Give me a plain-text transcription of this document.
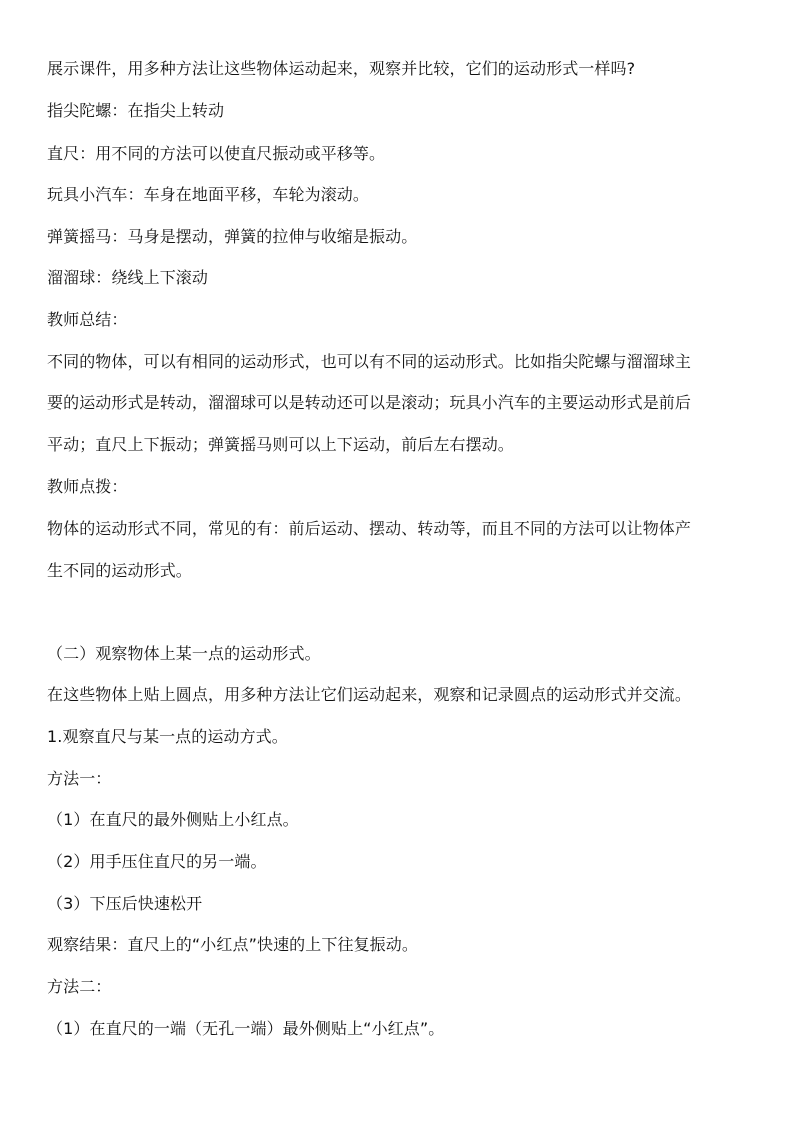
展示课件，用多种方法让这些物体运动起来，观察并比较，它们的运动形式一样吗?
指尖陀螺：在指尖上转动
直尺：用不同的方法可以使直尺振动或平移等。
玩具小汽车：车身在地面平移，车轮为滚动。
弹簧摇马：马身是摆动，弹簧的拉伸与收缩是振动。
溜溜球：绕线上下滚动
教师总结：
不同的物体，可以有相同的运动形式，也可以有不同的运动形式。比如指尖陀螺与溜溜球主
要的运动形式是转动，溜溜球可以是转动还可以是滚动；玩具小汽车的主要运动形式是前后
平动；直尺上下振动；弹簧摇马则可以上下运动，前后左右摆动。
教师点拨：
物体的运动形式不同，常见的有：前后运动、摆动、转动等，而且不同的方法可以让物体产
生不同的运动形式。
（二）观察物体上某一点的运动形式。
在这些物体上贴上圆点，用多种方法让它们运动起来，观察和记录圆点的运动形式并交流。
1.观察直尺与某一点的运动方式。
方法一：
（1）在直尺的最外侧贴上小红点。
（2）用手压住直尺的另一端。
（3）下压后快速松开
观察结果：直尺上的“小红点”快速的上下往复振动。
方法二：
（1）在直尺的一端（无孔一端）最外侧贴上“小红点”。
